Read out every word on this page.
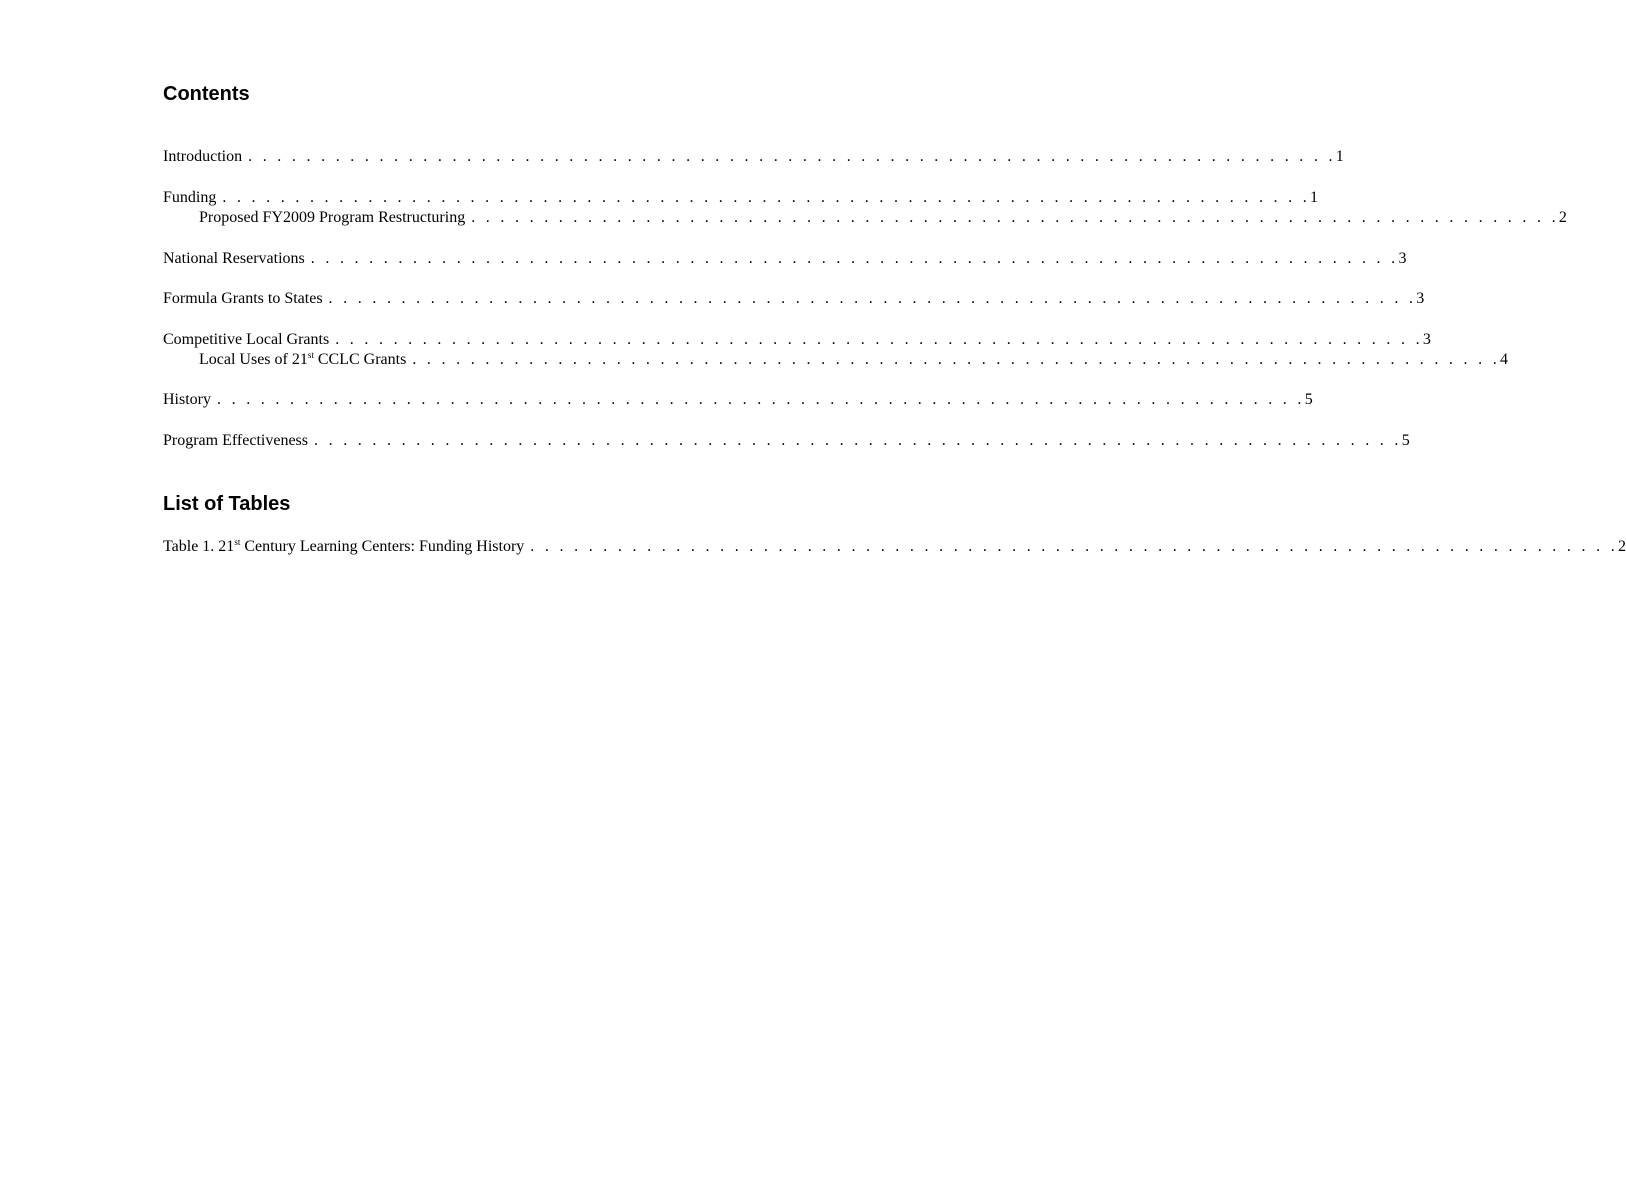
Contents
Introduction . . . . . . . . . . . . . . . . . . . . . . . . . . . . . . . . . . . . . . . . . . . . . . . . . . . . . . . . . . . . . . . . . . . . . . . . . . . 1
Funding . . . . . . . . . . . . . . . . . . . . . . . . . . . . . . . . . . . . . . . . . . . . . . . . . . . . . . . . . . . . . . . . . . . . . . . . . . . 1
Proposed FY2009 Program Restructuring . . . . . . . . . . . . . . . . . . . . . . . . . . . . . . . . . . . . . . . . . . . . . . . . . . . . . . . . . . . . . . . . . . . . . . . . . . . 2
National Reservations . . . . . . . . . . . . . . . . . . . . . . . . . . . . . . . . . . . . . . . . . . . . . . . . . . . . . . . . . . . . . . . . . . . . . . . . . . . 3
Formula Grants to States . . . . . . . . . . . . . . . . . . . . . . . . . . . . . . . . . . . . . . . . . . . . . . . . . . . . . . . . . . . . . . . . . . . . . . . . . . . 3
Competitive Local Grants . . . . . . . . . . . . . . . . . . . . . . . . . . . . . . . . . . . . . . . . . . . . . . . . . . . . . . . . . . . . . . . . . . . . . . . . . . . 3
Local Uses of 21st CCLC Grants . . . . . . . . . . . . . . . . . . . . . . . . . . . . . . . . . . . . . . . . . . . . . . . . . . . . . . . . . . . . . . . . . . . . . . . . . . . 4
History . . . . . . . . . . . . . . . . . . . . . . . . . . . . . . . . . . . . . . . . . . . . . . . . . . . . . . . . . . . . . . . . . . . . . . . . . . . 5
Program Effectiveness . . . . . . . . . . . . . . . . . . . . . . . . . . . . . . . . . . . . . . . . . . . . . . . . . . . . . . . . . . . . . . . . . . . . . . . . . . . 5
List of Tables
Table 1. 21st Century Learning Centers: Funding History . . . . . . . . . . . . . . . . . . . . . . . . . . . . . . . . . . . . . . . . . . . . . . . . . . . . . . . . . . . . . . . . . . . . . . . . . . . 2
